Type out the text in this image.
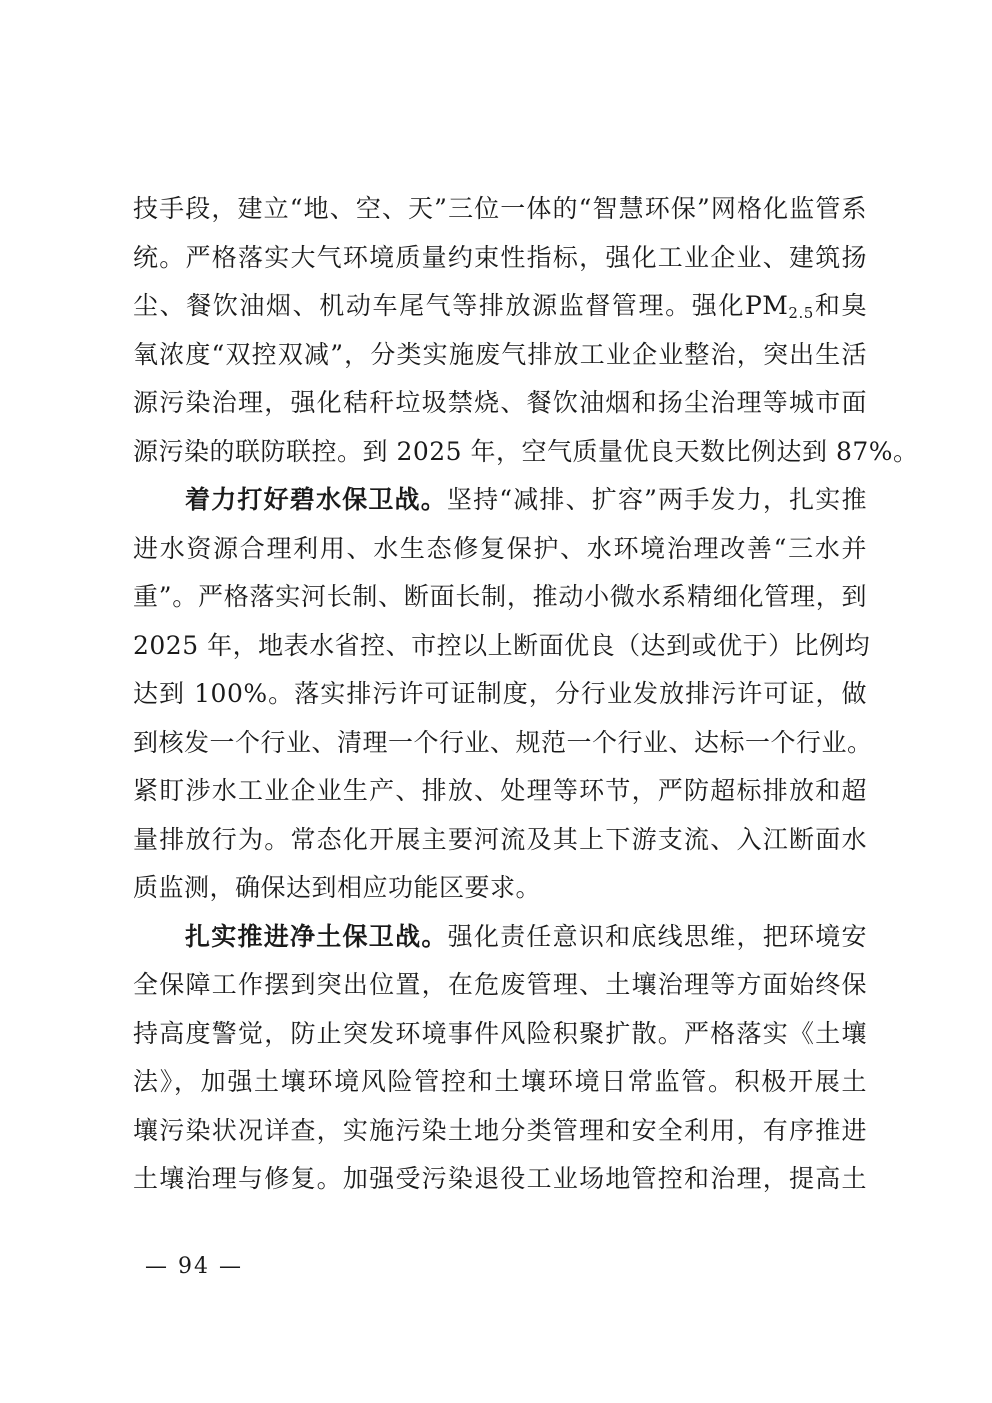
技手段，建立“地、空、天”三位一体的“智慧环保”网格化监管系
统。严格落实大气环境质量约束性指标，强化工业企业、建筑扬
尘、餐饮油烟、机动车尾气等排放源监督管理。强化$PM_{2.5}$和臭
氧浓度“双控双减”，分类实施废气排放工业企业整治，突出生活
源污染治理，强化秸秆垃圾禁烧、餐饮油烟和扬尘治理等城市面
源污染的联防联控。到 2025 年，空气质量优良天数比例达到 87%。
着力打好碧水保卫战。坚持“减排、扩容”两手发力，扎实推
进水资源合理利用、水生态修复保护、水环境治理改善“三水并
重”。严格落实河长制、断面长制，推动小微水系精细化管理，到
2025 年，地表水省控、市控以上断面优良（达到或优于）比例均
达到 100%。落实排污许可证制度，分行业发放排污许可证，做
到核发一个行业、清理一个行业、规范一个行业、达标一个行业。
紧盯涉水工业企业生产、排放、处理等环节，严防超标排放和超
量排放行为。常态化开展主要河流及其上下游支流、入江断面水
质监测，确保达到相应功能区要求。
扎实推进净土保卫战。强化责任意识和底线思维，把环境安
全保障工作摆到突出位置，在危废管理、土壤治理等方面始终保
持高度警觉，防止突发环境事件风险积聚扩散。严格落实《土壤
法》，加强土壤环境风险管控和土壤环境日常监管。积极开展土
壤污染状况详查，实施污染土地分类管理和安全利用，有序推进
土壤治理与修复。加强受污染退役工业场地管控和治理，提高土
— 94 —
